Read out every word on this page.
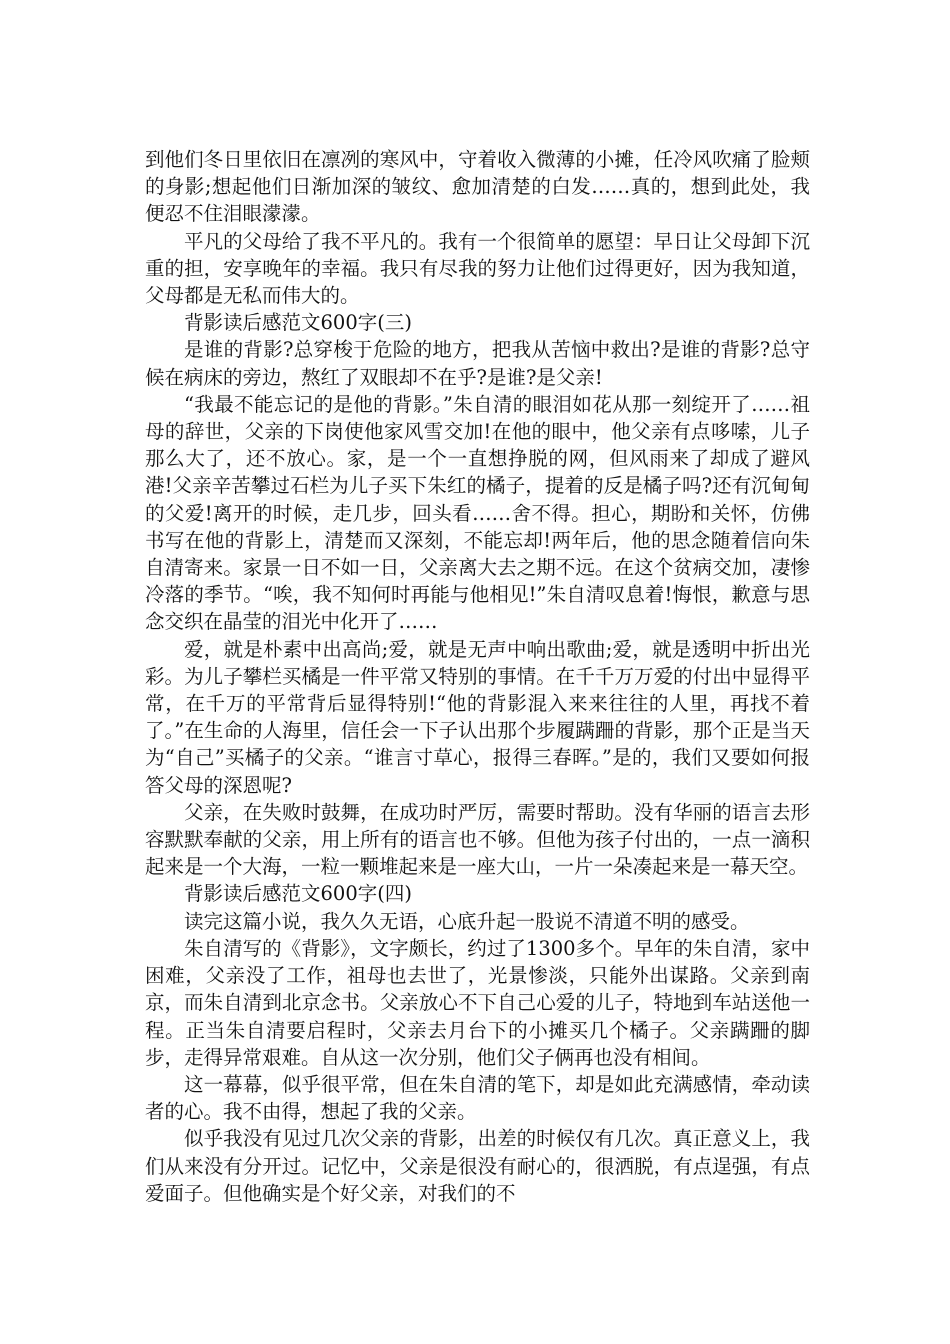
到他们冬日里依旧在凛冽的寒风中，守着收入微薄的小摊，任冷风吹痛了脸颊的身影;想起他们日渐加深的皱纹、愈加清楚的白发……真的，想到此处，我便忍不住泪眼濛濛。

平凡的父母给了我不平凡的。我有一个很简单的愿望：早日让父母卸下沉重的担，安享晚年的幸福。我只有尽我的努力让他们过得更好，因为我知道，父母都是无私而伟大的。

背影读后感范文600字(三)

是谁的背影?总穿梭于危险的地方，把我从苦恼中救出?是谁的背影?总守候在病床的旁边，熬红了双眼却不在乎?是谁?是父亲!

“我最不能忘记的是他的背影。”朱自清的眼泪如花从那一刻绽开了……祖母的辞世，父亲的下岗使他家风雪交加!在他的眼中，他父亲有点哆嗦，儿子那么大了，还不放心。家，是一个一直想挣脱的网，但风雨来了却成了避风港!父亲辛苦攀过石栏为儿子买下朱红的橘子，提着的反是橘子吗?还有沉甸甸的父爱!离开的时候，走几步，回头看……舍不得。担心，期盼和关怀，仿佛书写在他的背影上，清楚而又深刻，不能忘却!两年后，他的思念随着信向朱自清寄来。家景一日不如一日，父亲离大去之期不远。在这个贫病交加，凄惨冷落的季节。“唉，我不知何时再能与他相见!”朱自清叹息着!悔恨，歉意与思念交织在晶莹的泪光中化开了……

爱，就是朴素中出高尚;爱，就是无声中响出歌曲;爱，就是透明中折出光彩。为儿子攀栏买橘是一件平常又特别的事情。在千千万万爱的付出中显得平常，在千万的平常背后显得特别!“他的背影混入来来往往的人里，再找不着了。”在生命的人海里，信任会一下子认出那个步履蹒跚的背影，那个正是当天为“自己”买橘子的父亲。“谁言寸草心，报得三春晖。”是的，我们又要如何报答父母的深恩呢?

父亲，在失败时鼓舞，在成功时严厉，需要时帮助。没有华丽的语言去形容默默奉献的父亲，用上所有的语言也不够。但他为孩子付出的，一点一滴积起来是一个大海，一粒一颗堆起来是一座大山，一片一朵凑起来是一幕天空。

背影读后感范文600字(四)

读完这篇小说，我久久无语，心底升起一股说不清道不明的感受。

朱自清写的《背影》，文字颇长，约过了1300多个。早年的朱自清，家中困难，父亲没了工作，祖母也去世了，光景惨淡，只能外出谋路。父亲到南京，而朱自清到北京念书。父亲放心不下自己心爱的儿子，特地到车站送他一程。正当朱自清要启程时，父亲去月台下的小摊买几个橘子。父亲蹒跚的脚步，走得异常艰难。自从这一次分别，他们父子俩再也没有相间。

这一幕幕，似乎很平常，但在朱自清的笔下，却是如此充满感情，牵动读者的心。我不由得，想起了我的父亲。

似乎我没有见过几次父亲的背影，出差的时候仅有几次。真正意义上，我们从来没有分开过。记忆中，父亲是很没有耐心的，很洒脱，有点逞强，有点爱面子。但他确实是个好父亲，对我们的不
